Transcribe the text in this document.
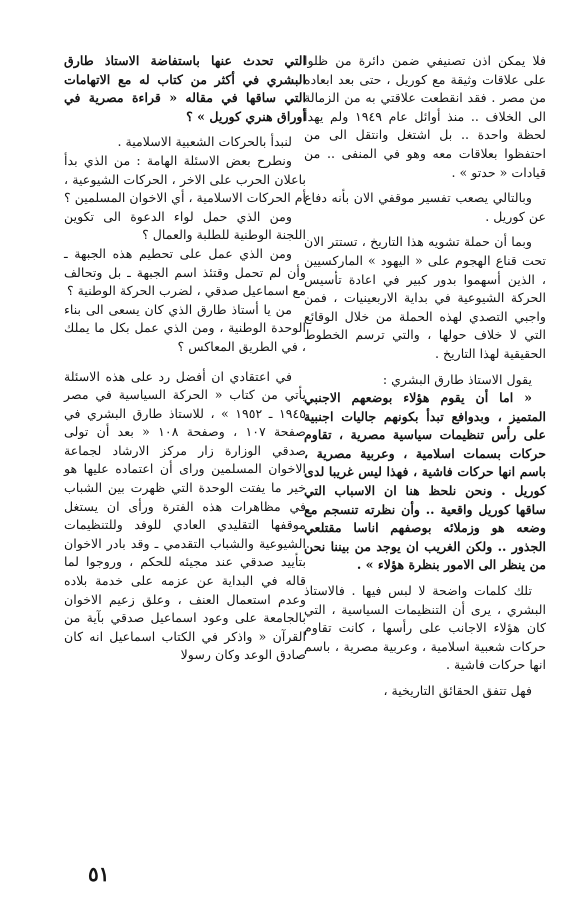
فلا يمكن اذن تصنيفي ضمن دائرة من ظلوا على علاقات وثيقة مع كوريل ، حتى بعد ابعاده من مصر . فقد انقطعت علاقتي به من الزمالة الى الخلاف .. منذ أوائل عام ١٩٤٩ ولم يهدأ لحظة واحدة .. بل اشتغل وانتقل الى من احتفظوا بعلاقات معه وهو في المنفى .. من قيادات « حدتو » .

وبالتالي يصعب تفسير موقفي الان بأنه دفاع عن كوريل .

وبما أن حملة تشويه هذا التاريخ ، تستتر الان تحت قناع الهجوم على « اليهود » المارکسيين ، الذين أسهموا بدور كبير في اعادة تأسيس الحركة الشيوعية في بداية الاربعينيات ، فمن واجبي التصدي لهذه الحملة من خلال الوقائع التي لا خلاف حولها ، والتي ترسم الخطوط الحقيقية لهذا التاريخ .

يقول الاستاذ طارق البشري :

« اما أن يقوم هؤلاء بوضعهم الاجنبي المتميز ، وبدوافع تبدأ بكونهم جاليات اجنبية على رأس تنظيمات سياسية مصرية ، تقاوم حركات بسمات اسلامية ، وعربية مصرية ، باسم انها حركات فاشية ، فهذا ليس غريبا لدى كوريل . ونحن نلحظ هنا ان الاسباب التي ساقها كوريل واقعية .. وأن نظرته تنسجم مع وضعه هو وزملائه بوصفهم اناسا مقتلعي الجذور .. ولكن الغريب ان يوجد من بيننا نحن من ينظر الى الامور بنظرة هؤلاء » .

تلك كلمات واضحة لا لبس فيها . فالاستاذ البشري ، يرى أن التنظيمات السياسية ، التي كان هؤلاء الاجانب على رأسها ، كانت تقاوم حركات شعبية اسلامية ، وعربية مصرية ، باسم انها حركات فاشية .

فهل تتفق الحقائق التاريخية ،

التي تحدث عنها باستفاضة الاستاذ طارق البشري في أكثر من كتاب له مع الاتهامات التي ساقها في مقاله « قراءة مصرية في أوراق هنري كوريل » ؟

لنبدأ بالحركات الشعبية الاسلامية .

ونطرح بعض الاسئلة الهامة : من الذي بدأ باعلان الحرب على الاخر ، الحركات الشيوعية ، أم الحركات الاسلامية ، أي الاخوان المسلمين ؟

ومن الذي حمل لواء الدعوة الى تكوين اللجنة الوطنية للطلبة والعمال ؟

ومن الذي عمل على تحطيم هذه الجبهة ـ وأن لم تحمل وقتئذ اسم الجبهة ـ بل وتحالف مع اسماعيل صدقي ، لضرب الحركة الوطنية ؟

من يا أستاذ طارق الذي كان يسعى الى بناء الوحدة الوطنية ، ومن الذي عمل بكل ما يملك ، في الطريق المعاكس ؟

في اعتقادي ان أفضل رد على هذه الاسئلة يأتي من كتاب « الحركة السياسية في مصر ١٩٤٥ ـ ١٩٥٢ » ، للاستاذ طارق البشري في صفحة ١٠٧ ، وصفحة ١٠٨ « بعد أن تولى صدقي الوزارة زار مركز الارشاد لجماعة الاخوان المسلمين وراى أن اعتماده عليها هو خير ما يفتت الوحدة التي ظهرت بين الشباب في مظاهرات هذه الفترة ورأى ان يستغل موقفها التقليدي العادي للوفد وللتنظيمات الشيوعية والشباب التقدمي ـ وقد بادر الاخوان بتأييد صدقي عند مجيئه للحكم ، وروجوا لما قاله في البداية عن عزمه على خدمة بلاده وعدم استعمال العنف ، وعلق زعيم الاخوان بالجامعة على وعود اسماعيل صدقي بآية من القرآن « واذكر في الكتاب اسماعيل انه كان صادق الوعد وكان رسولا

٥١
